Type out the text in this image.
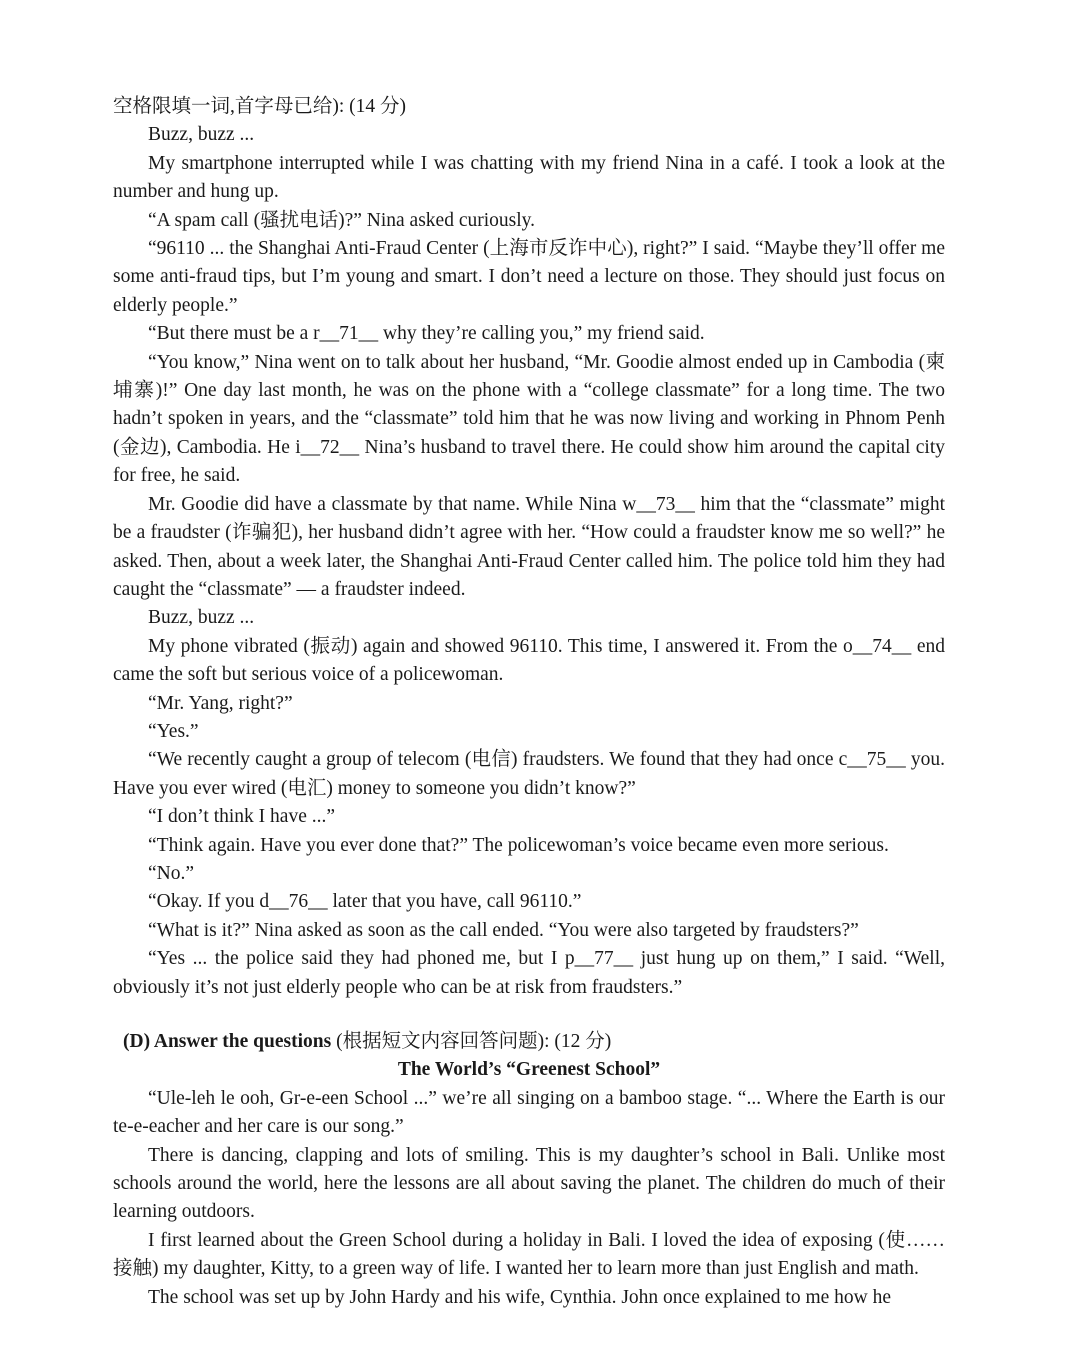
空格限填一词,首字母已给): (14 分)

Buzz, buzz ...

My smartphone interrupted while I was chatting with my friend Nina in a café. I took a look at the number and hung up.

“A spam call (骚扰电话)?” Nina asked curiously.

“96110 ... the Shanghai Anti-Fraud Center (上海市反诈中心), right?” I said. “Maybe they’ll offer me some anti-fraud tips, but I’m young and smart. I don’t need a lecture on those. They should just focus on elderly people.”

“But there must be a r__71__ why they’re calling you,” my friend said.

“You know,” Nina went on to talk about her husband, “Mr. Goodie almost ended up in Cambodia (柬埔寨)!” One day last month, he was on the phone with a “college classmate” for a long time. The two hadn’t spoken in years, and the “classmate” told him that he was now living and working in Phnom Penh (金边), Cambodia. He i__72__ Nina’s husband to travel there. He could show him around the capital city for free, he said.

Mr. Goodie did have a classmate by that name. While Nina w__73__ him that the “classmate” might be a fraudster (诈骗犯), her husband didn’t agree with her. “How could a fraudster know me so well?” he asked. Then, about a week later, the Shanghai Anti-Fraud Center called him. The police told him they had caught the “classmate” — a fraudster indeed.

Buzz, buzz ...

My phone vibrated (振动) again and showed 96110. This time, I answered it. From the o__74__ end came the soft but serious voice of a policewoman.

“Mr. Yang, right?”

“Yes.”

“We recently caught a group of telecom (电信) fraudsters. We found that they had once c__75__ you. Have you ever wired (电汇) money to someone you didn’t know?”

“I don’t think I have ...”

“Think again. Have you ever done that?” The policewoman’s voice became even more serious.

“No.”

“Okay. If you d__76__ later that you have, call 96110.”

“What is it?” Nina asked as soon as the call ended. “You were also targeted by fraudsters?”

“Yes ... the police said they had phoned me, but I p__77__ just hung up on them,” I said. “Well, obviously it’s not just elderly people who can be at risk from fraudsters.”

(D) Answer the questions (根据短文内容回答问题): (12 分)

The World’s “Greenest School”

“Ule-leh le ooh, Gr-e-een School ...” we’re all singing on a bamboo stage. “... Where the Earth is our te-e-eacher and her care is our song.”

There is dancing, clapping and lots of smiling. This is my daughter’s school in Bali. Unlike most schools around the world, here the lessons are all about saving the planet. The children do much of their learning outdoors.

I first learned about the Green School during a holiday in Bali. I loved the idea of exposing (使……接触) my daughter, Kitty, to a green way of life. I wanted her to learn more than just English and math.

The school was set up by John Hardy and his wife, Cynthia. John once explained to me how he
